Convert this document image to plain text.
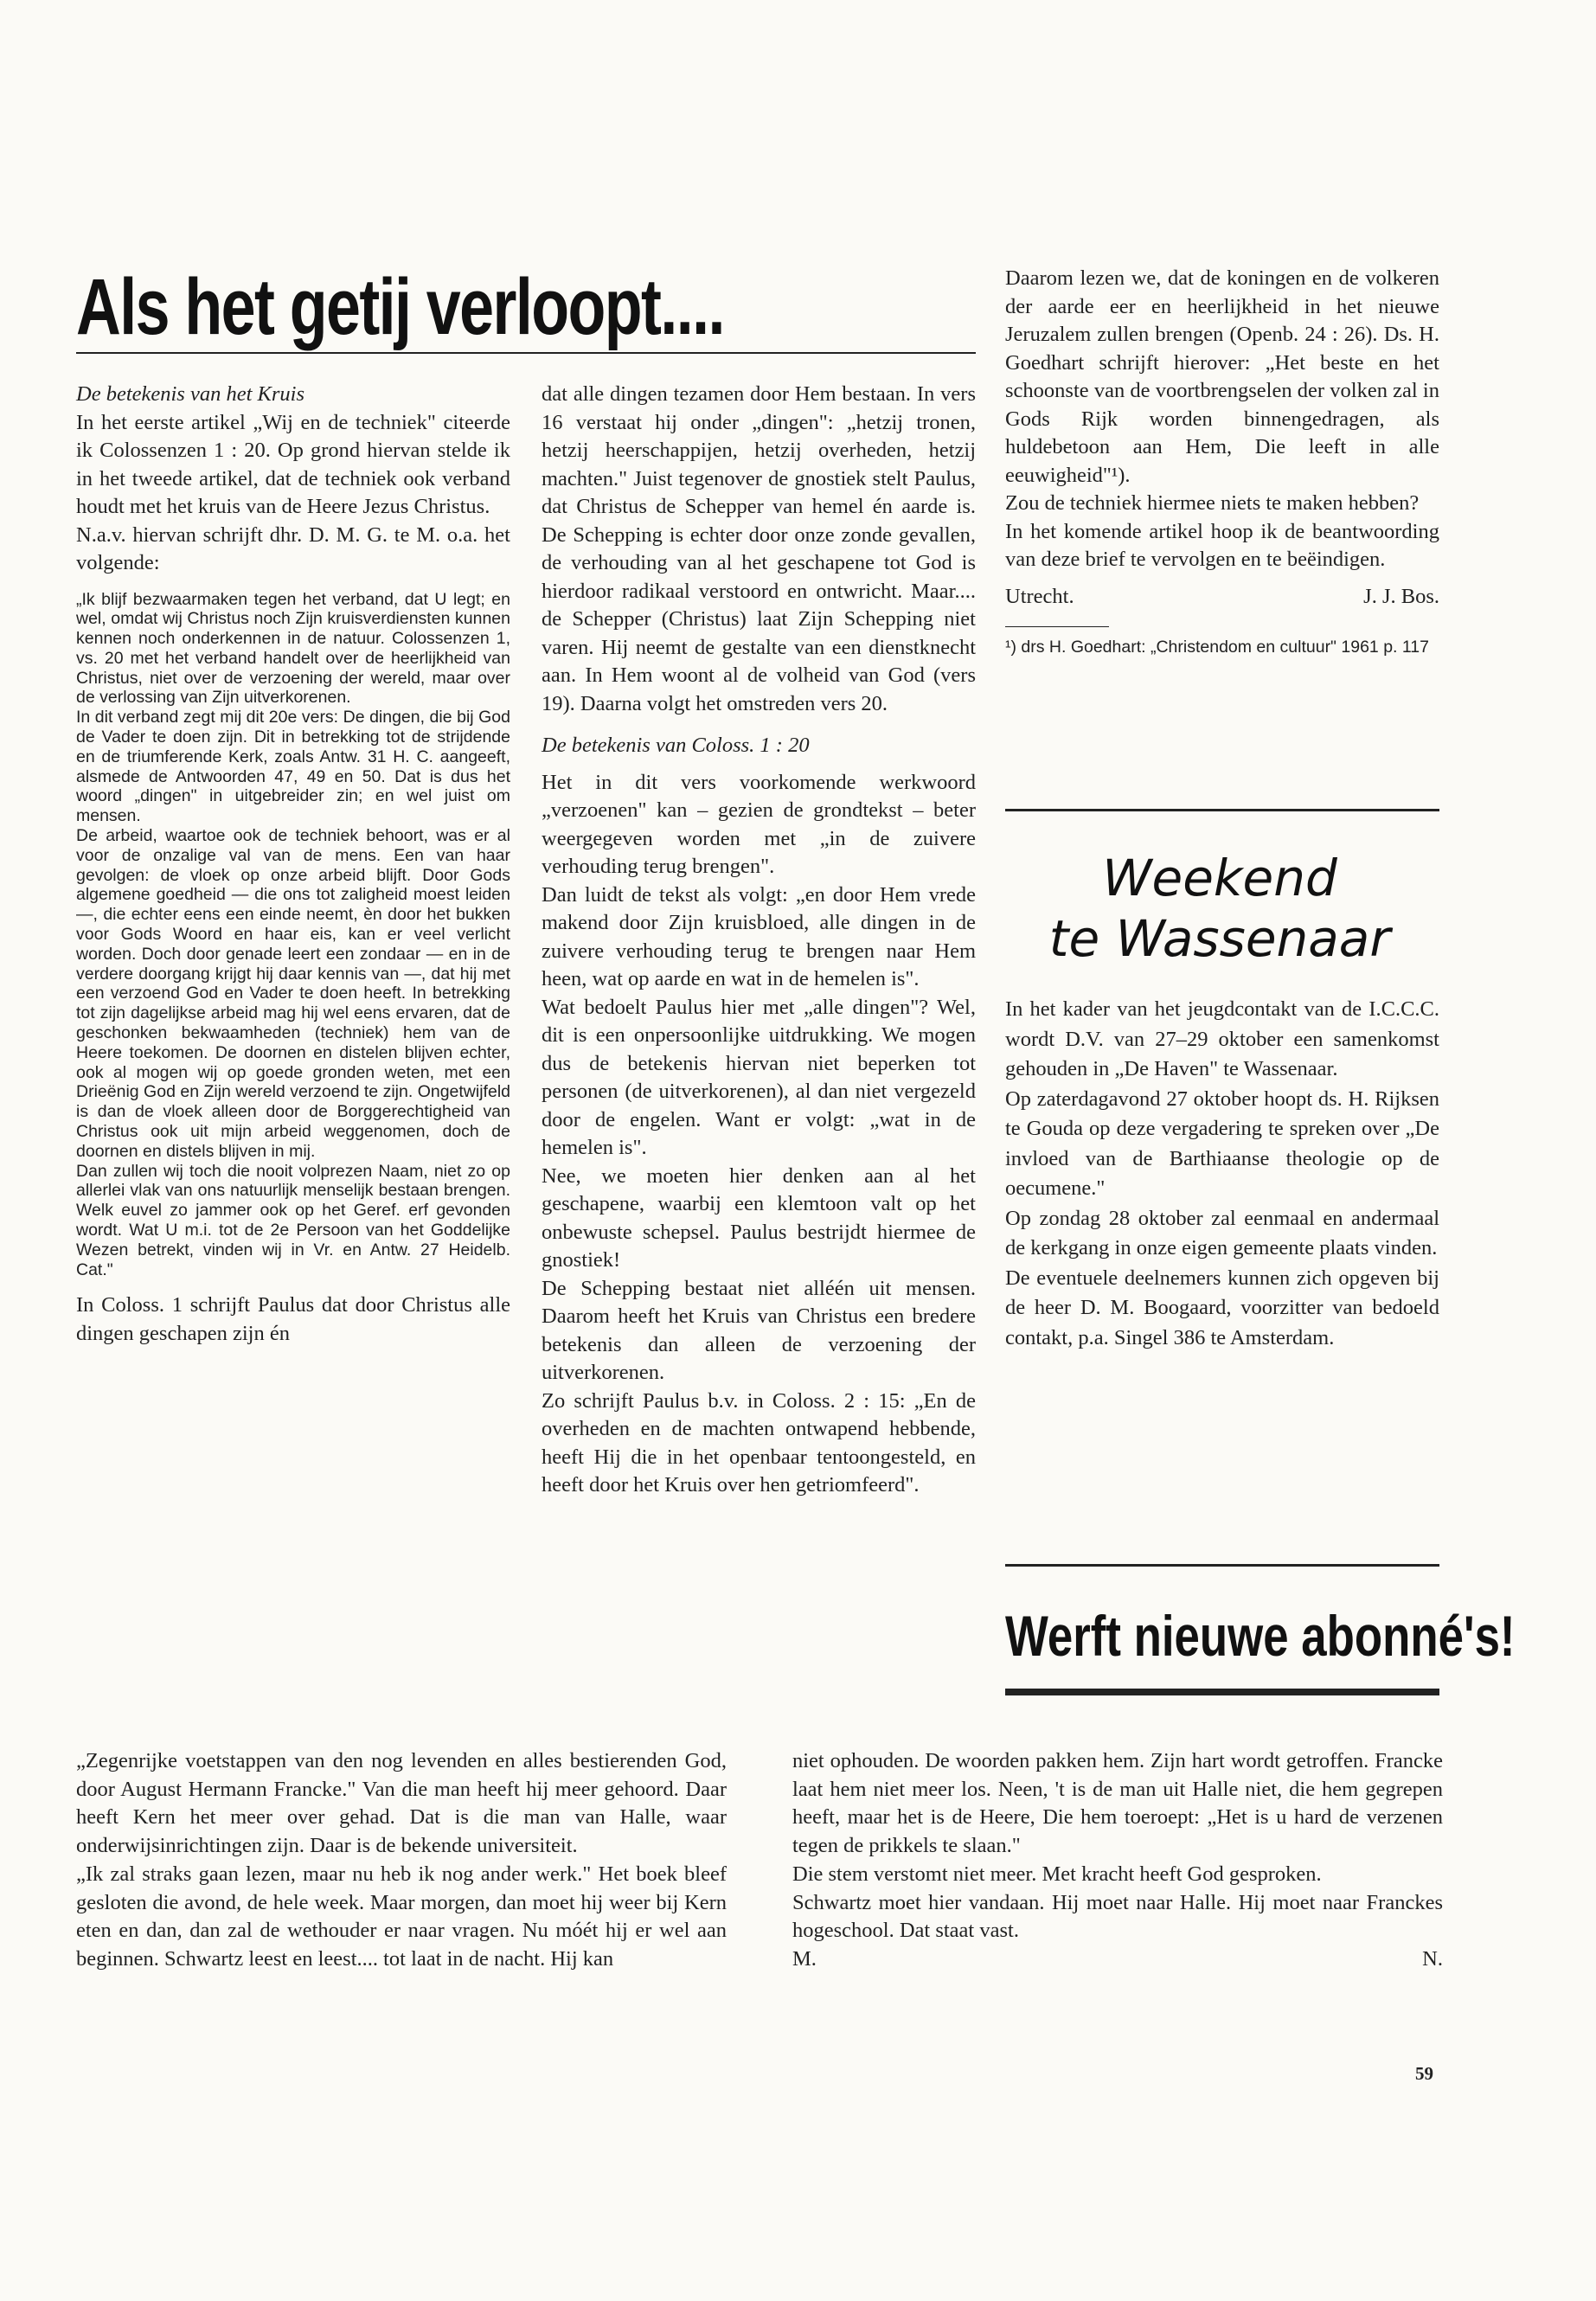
Als het getij verloopt....

De betekenis van het Kruis

In het eerste artikel „Wij en de techniek" citeerde ik Colossenzen 1 : 20. Op grond hiervan stelde ik in het tweede artikel, dat de techniek ook verband houdt met het kruis van de Heere Jezus Christus.

N.a.v. hiervan schrijft dhr. D. M. G. te M. o.a. het volgende:

„Ik blijf bezwaarmaken tegen het verband, dat U legt; en wel, omdat wij Christus noch Zijn kruisverdiensten kunnen kennen noch onderkennen in de natuur. Colossenzen 1, vs. 20 met het verband handelt over de heerlijkheid van Christus, niet over de verzoening der wereld, maar over de verlossing van Zijn uitverkorenen.

In dit verband zegt mij dit 20e vers: De dingen, die bij God de Vader te doen zijn. Dit in betrekking tot de strijdende en de triumferende Kerk, zoals Antw. 31 H. C. aangeeft, alsmede de Antwoorden 47, 49 en 50. Dat is dus het woord „dingen" in uitgebreider zin; en wel juist om mensen.

De arbeid, waartoe ook de techniek behoort, was er al voor de onzalige val van de mens. Een van haar gevolgen: de vloek op onze arbeid blijft. Door Gods algemene goedheid — die ons tot zaligheid moest leiden —, die echter eens een einde neemt, èn door het bukken voor Gods Woord en haar eis, kan er veel verlicht worden. Doch door genade leert een zondaar — en in de verdere doorgang krijgt hij daar kennis van —, dat hij met een verzoend God en Vader te doen heeft. In betrekking tot zijn dagelijkse arbeid mag hij wel eens ervaren, dat de geschonken bekwaamheden (techniek) hem van de Heere toekomen. De doornen en distelen blijven echter, ook al mogen wij op goede gronden weten, met een Drieënig God en Zijn wereld verzoend te zijn. Ongetwijfeld is dan de vloek alleen door de Borggerechtigheid van Christus ook uit mijn arbeid weggenomen, doch de doornen en distels blijven in mij.

Dan zullen wij toch die nooit volprezen Naam, niet zo op allerlei vlak van ons natuurlijk menselijk bestaan brengen. Welk euvel zo jammer ook op het Geref. erf gevonden wordt. Wat U m.i. tot de 2e Persoon van het Goddelijke Wezen betrekt, vinden wij in Vr. en Antw. 27 Heidelb. Cat."

In Coloss. 1 schrijft Paulus dat door Christus alle dingen geschapen zijn én

dat alle dingen tezamen door Hem bestaan. In vers 16 verstaat hij onder „dingen": „hetzij tronen, hetzij heerschappijen, hetzij overheden, hetzij machten." Juist tegenover de gnostiek stelt Paulus, dat Christus de Schepper van hemel én aarde is. De Schepping is echter door onze zonde gevallen, de verhouding van al het geschapene tot God is hierdoor radikaal verstoord en ontwricht. Maar.... de Schepper (Christus) laat Zijn Schepping niet varen. Hij neemt de gestalte van een dienstknecht aan. In Hem woont al de volheid van God (vers 19). Daarna volgt het omstreden vers 20.

De betekenis van Coloss. 1 : 20

Het in dit vers voorkomende werkwoord „verzoenen" kan – gezien de grondtekst – beter weergegeven worden met „in de zuivere verhouding terug brengen".

Dan luidt de tekst als volgt: „en door Hem vrede makend door Zijn kruisbloed, alle dingen in de zuivere verhouding terug te brengen naar Hem heen, wat op aarde en wat in de hemelen is".

Wat bedoelt Paulus hier met „alle dingen"? Wel, dit is een onpersoonlijke uitdrukking. We mogen dus de betekenis hiervan niet beperken tot personen (de uitverkorenen), al dan niet vergezeld door de engelen. Want er volgt: „wat in de hemelen is".

Nee, we moeten hier denken aan al het geschapene, waarbij een klemtoon valt op het onbewuste schepsel. Paulus bestrijdt hiermee de gnostiek!

De Schepping bestaat niet alléén uit mensen. Daarom heeft het Kruis van Christus een bredere betekenis dan alleen de verzoening der uitverkorenen.

Zo schrijft Paulus b.v. in Coloss. 2 : 15: „En de overheden en de machten ontwapend hebbende, heeft Hij die in het openbaar tentoongesteld, en heeft door het Kruis over hen getriomfeerd".

Daarom lezen we, dat de koningen en de volkeren der aarde eer en heerlijkheid in het nieuwe Jeruzalem zullen brengen (Openb. 24 : 26). Ds. H. Goedhart schrijft hierover: „Het beste en het schoonste van de voortbrengselen der volken zal in Gods Rijk worden binnengedragen, als huldebetoon aan Hem, Die leeft in alle eeuwigheid"¹).

Zou de techniek hiermee niets te maken hebben?

In het komende artikel hoop ik de beantwoording van deze brief te vervolgen en te beëindigen.

Utrecht.	J. J. Bos.

¹) drs H. Goedhart: „Christendom en cultuur" 1961 p. 117

Weekend
te Wassenaar

In het kader van het jeugdcontakt van de I.C.C.C. wordt D.V. van 27–29 oktober een samenkomst gehouden in „De Haven" te Wassenaar.

Op zaterdagavond 27 oktober hoopt ds. H. Rijksen te Gouda op deze vergadering te spreken over „De invloed van de Barthiaanse theologie op de oecumene."

Op zondag 28 oktober zal eenmaal en andermaal de kerkgang in onze eigen gemeente plaats vinden.

De eventuele deelnemers kunnen zich opgeven bij de heer D. M. Boogaard, voorzitter van bedoeld contakt, p.a. Singel 386 te Amsterdam.

Werft nieuwe abonné's!

„Zegenrijke voetstappen van den nog levenden en alles bestierenden God, door August Hermann Francke." Van die man heeft hij meer gehoord. Daar heeft Kern het meer over gehad. Dat is die man van Halle, waar onderwijsinrichtingen zijn. Daar is de bekende universiteit.

„Ik zal straks gaan lezen, maar nu heb ik nog ander werk." Het boek bleef gesloten die avond, de hele week. Maar morgen, dan moet hij weer bij Kern eten en dan, dan zal de wethouder er naar vragen. Nu móét hij er wel aan beginnen. Schwartz leest en leest.... tot laat in de nacht. Hij kan

niet ophouden. De woorden pakken hem. Zijn hart wordt getroffen. Francke laat hem niet meer los. Neen, 't is de man uit Halle niet, die hem gegrepen heeft, maar het is de Heere, Die hem toeroept: „Het is u hard de verzenen tegen de prikkels te slaan."

Die stem verstomt niet meer. Met kracht heeft God gesproken.

Schwartz moet hier vandaan. Hij moet naar Halle. Hij moet naar Franckes hogeschool. Dat staat vast.

M.	N.
59
